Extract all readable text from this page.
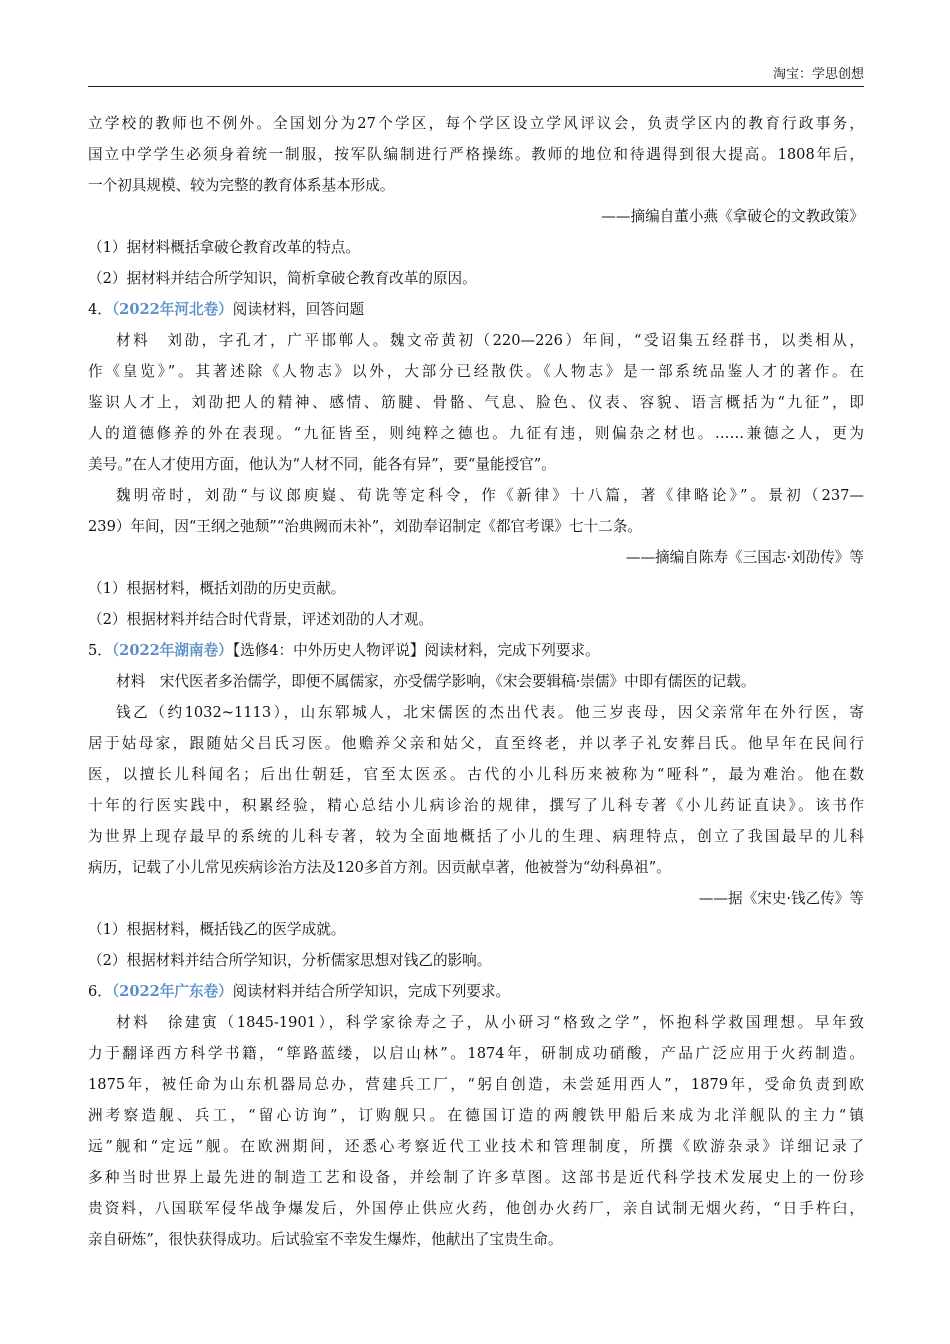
淘宝：学思创想

立学校的教师也不例外。全国划分为27个学区，每个学区设立学风评议会，负责学区内的教育行政事务，

国立中学学生必须身着统一制服，按军队编制进行严格操练。教师的地位和待遇得到很大提高。1808年后，

一个初具规模、较为完整的教育体系基本形成。

——摘编自董小燕《拿破仑的文教政策》

（1）据材料概括拿破仑教育改革的特点。

（2）据材料并结合所学知识，简析拿破仑教育改革的原因。

4．（2022年河北卷）阅读材料，回答问题

材料　刘劭，字孔才，广平邯郸人。魏文帝黄初（220—226）年间，“受诏集五经群书，以类相从，

作《皇览》”。其著述除《人物志》以外，大部分已经散佚。《人物志》是一部系统品鉴人才的著作。在

鉴识人才上，刘劭把人的精神、感情、筋腱、骨骼、气息、脸色、仪表、容貌、语言概括为“九征”，即

人的道德修养的外在表现。“九征皆至，则纯粹之德也。九征有违，则偏杂之材也。……兼德之人，更为

美号。”在人才使用方面，他认为“人材不同，能各有异”，要“量能授官”。

魏明帝时，刘劭“与议郎庾嶷、荀诜等定科令，作《新律》十八篇，著《律略论》”。景初（237—

239）年间，因“王纲之弛颓”“治典阙而未补”，刘劭奉诏制定《都官考课》七十二条。

——摘编自陈寿《三国志·刘劭传》等

（1）根据材料，概括刘劭的历史贡献。

（2）根据材料并结合时代背景，评述刘劭的人才观。

5．（2022年湖南卷）【选修4：中外历史人物评说】阅读材料，完成下列要求。

材料　宋代医者多治儒学，即便不属儒家，亦受儒学影响，《宋会要辑稿·崇儒》中即有儒医的记载。

钱乙（约1032~1113），山东郓城人，北宋儒医的杰出代表。他三岁丧母，因父亲常年在外行医，寄

居于姑母家，跟随姑父吕氏习医。他赡养父亲和姑父，直至终老，并以孝子礼安葬吕氏。他早年在民间行

医，以擅长儿科闻名；后出仕朝廷，官至太医丞。古代的小儿科历来被称为“哑科”，最为难治。他在数

十年的行医实践中，积累经验，精心总结小儿病诊治的规律，撰写了儿科专著《小儿药证直诀》。该书作

为世界上现存最早的系统的儿科专著，较为全面地概括了小儿的生理、病理特点，创立了我国最早的儿科

病历，记载了小儿常见疾病诊治方法及120多首方剂。因贡献卓著，他被誉为“幼科鼻祖”。

——据《宋史·钱乙传》等

（1）根据材料，概括钱乙的医学成就。

（2）根据材料并结合所学知识，分析儒家思想对钱乙的影响。

6．（2022年广东卷）阅读材料并结合所学知识，完成下列要求。

材料　徐建寅（1845-1901），科学家徐寿之子，从小研习“格致之学”，怀抱科学救国理想。早年致

力于翻译西方科学书籍，“筚路蓝缕，以启山林”。1874年，研制成功硝酸，产品广泛应用于火药制造。

1875年，被任命为山东机器局总办，营建兵工厂，“躬自创造，未尝延用西人”，1879年，受命负责到欧

洲考察造舰、兵工，“留心访询”，订购舰只。在德国订造的两艘铁甲船后来成为北洋舰队的主力“镇

远”舰和“定远”舰。在欧洲期间，还悉心考察近代工业技术和管理制度，所撰《欧游杂录》详细记录了

多种当时世界上最先进的制造工艺和设备，并绘制了许多草图。这部书是近代科学技术发展史上的一份珍

贵资料，八国联军侵华战争爆发后，外国停止供应火药，他创办火药厂，亲自试制无烟火药，“日手杵臼，

亲自研炼”，很快获得成功。后试验室不幸发生爆炸，他献出了宝贵生命。
